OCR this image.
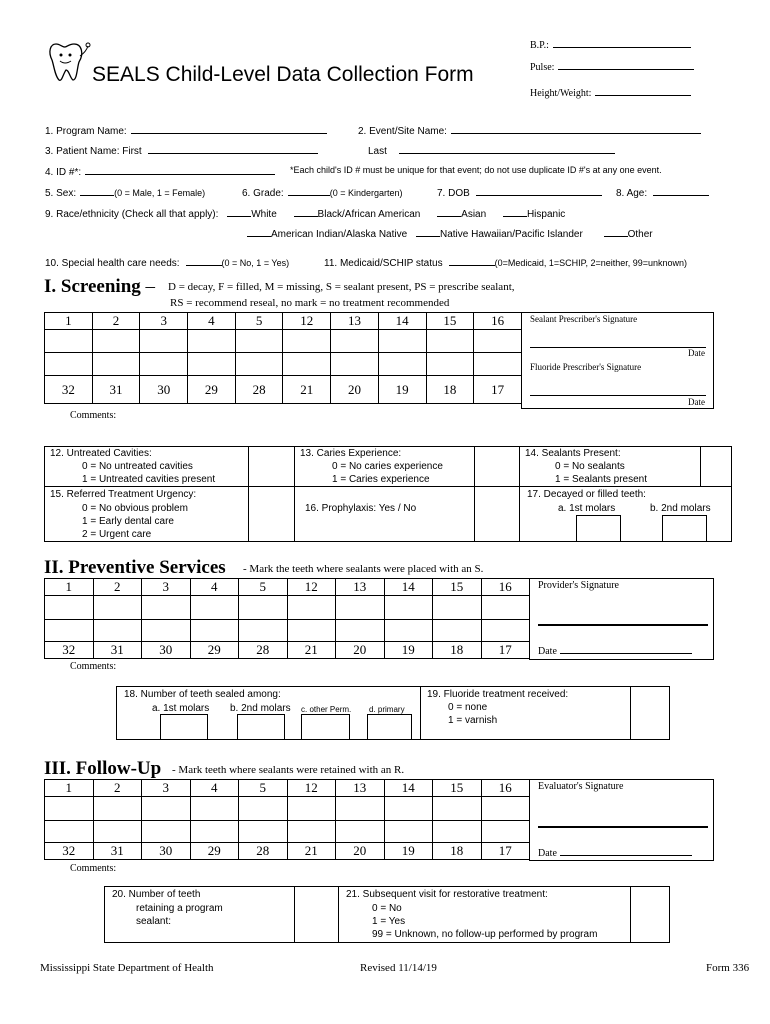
SEALS Child-Level Data Collection Form
B.P.:
Pulse:
Height/Weight:
1. Program Name:	2. Event/Site Name:
3. Patient Name: First	Last
4. ID #*:	*Each child's ID # must be unique for that event; do not use duplicate ID #'s at any one event.
5. Sex:	(0 = Male, 1 = Female)	6. Grade:	(0 = Kindergarten)	7. DOB	8. Age:
9. Race/ethnicity (Check all that apply):	White	Black/African American	Asian	Hispanic
American Indian/Alaska Native	Native Hawaiian/Pacific Islander	Other
10. Special health care needs:	(0 = No, 1 = Yes)	11. Medicaid/SCHIP status	(0=Medicaid, 1=SCHIP, 2=neither, 99=unknown)
I. Screening – D = decay, F = filled, M = missing, S = sealant present, PS = prescribe sealant,
RS = recommend reseal, no mark = no treatment recommended
1	2	3	4	5	12	13	14	15	16

32	31	30	29	28	21	20	19	18	17
Sealant Prescriber's Signature
Date
Fluoride Prescriber's Signature
Date
Comments:
12. Untreated Cavities:
0 = No untreated cavities
1 = Untreated cavities present
13. Caries Experience:
0 = No caries experience
1 = Caries experience
14. Sealants Present:
0 = No sealants
1 = Sealants present
15. Referred Treatment Urgency:
0 = No obvious problem
1 = Early dental care
2 = Urgent care
16. Prophylaxis: Yes / No
17. Decayed or filled teeth:
a. 1st molars	b. 2nd molars
II. Preventive Services - Mark the teeth where sealants were placed with an S.
1	2	3	4	5	12	13	14	15	16

32	31	30	29	28	21	20	19	18	17
Provider's Signature
Date
Comments:
18. Number of teeth sealed among:
a. 1st molars b. 2nd molars c. other Perm. d. primary
19. Fluoride treatment received:
0 = none
1 = varnish
III. Follow-Up - Mark teeth where sealants were retained with an R.
1	2	3	4	5	12	13	14	15	16

32	31	30	29	28	21	20	19	18	17
Evaluator's Signature
Date
Comments:
20. Number of teeth
retaining a program
sealant:
21. Subsequent visit for restorative treatment:
0 = No
1 = Yes
99 = Unknown, no follow-up performed by program
Mississippi State Department of Health	Revised 11/14/19	Form 336
